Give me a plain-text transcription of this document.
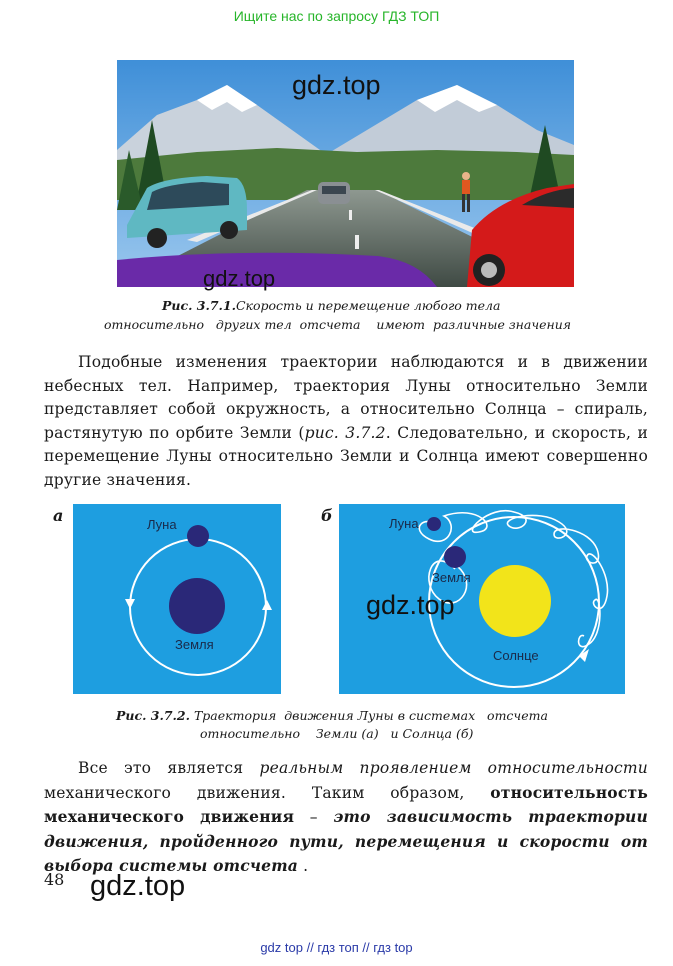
Ищите нас по запросу ГДЗ ТОП
gdz.top
gdz.top
Рис. 3.7.1.Скорость и перемещение любого тела
относительно   других тел  отсчета    имеют  различные значения

Подобные изменения траектории наблюдаются и в движении небесных тел. Например, траектория Луны относительно Земли представляет собой окружность, а относительно Солнца – спираль, растянутую по орбите Земли (рис. 3.7.2. Следовательно, и скорость, и перемещение Луны относительно Земли и Солнца имеют совершенно другие значения.

а	Луна
Земля
б	Луна
Земля
Солнце
gdz.top
Рис. 3.7.2. Траектория  движения Луны в системах   отсчета
относительно    Земли (а)   и Солнца (б)

Все это является реальным проявлением относительности механического движения. Таким образом, относительность механического движения – это зависимость траектории движения, пройденного пути, перемещения и скорости от выбора системы отсчета .

48 gdz.top
gdz top // гдз топ // гдз top
